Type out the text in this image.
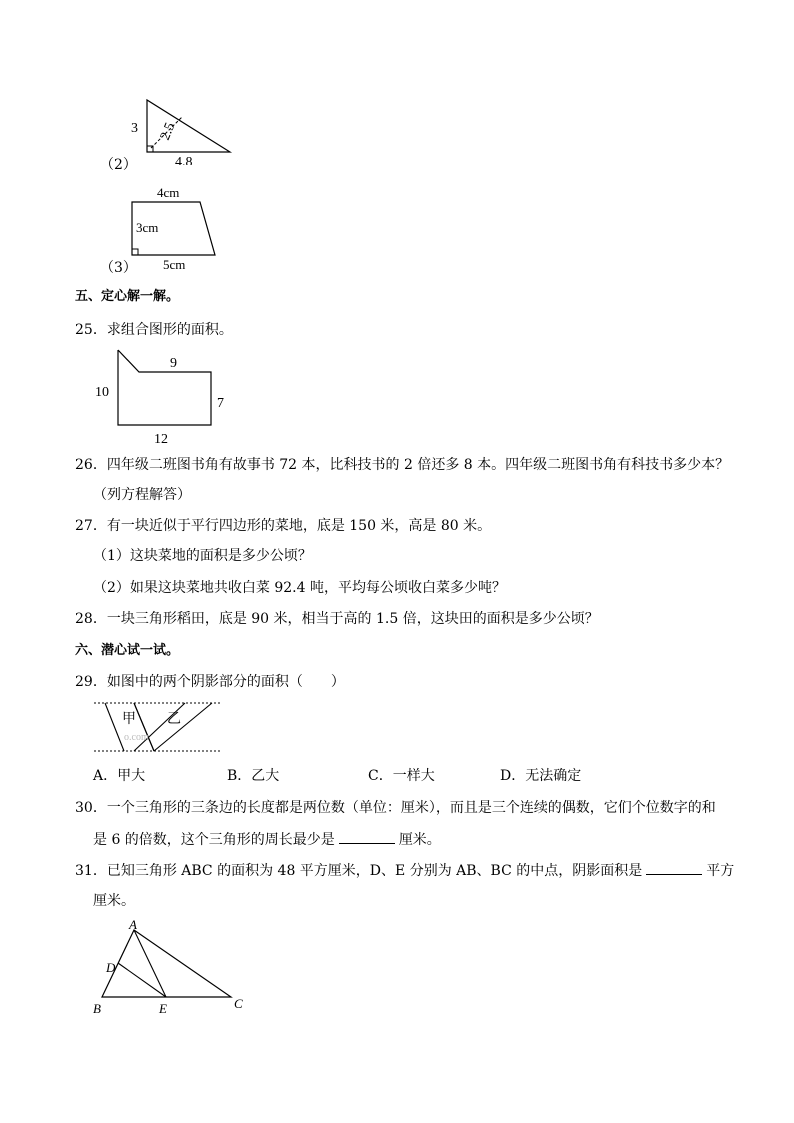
3 2.5
4.8
（2）
4cm
3cm
5cm
（3）
五、定心解一解。
25．求组合图形的面积。
9
10
7
12
26．四年级二班图书角有故事书 72 本，比科技书的 2 倍还多 8 本。四年级二班图书角有科技书多少本？
（列方程解答）
27．有一块近似于平行四边形的菜地，底是 150 米，高是 80 米。
（1）这块菜地的面积是多少公顷？
（2）如果这块菜地共收白菜 92.4 吨，平均每公顷收白菜多少吨？
28．一块三角形稻田，底是 90 米，相当于高的 1.5 倍，这块田的面积是多少公顷？
六、潜心试一试。
29．如图中的两个阴影部分的面积（　　）
甲 乙
o.com
A．甲大	B．乙大	C．一样大	D．无法确定
30．一个三角形的三条边的长度都是两位数（单位：厘米），而且是三个连续的偶数，它们个位数字的和
是 6 的倍数，这个三角形的周长最少是	厘米。
31．已知三角形 ABC 的面积为 48 平方厘米，D、E 分别为 AB、BC 的中点，阴影面积是	平方
厘米。
A
D
B	E	C
